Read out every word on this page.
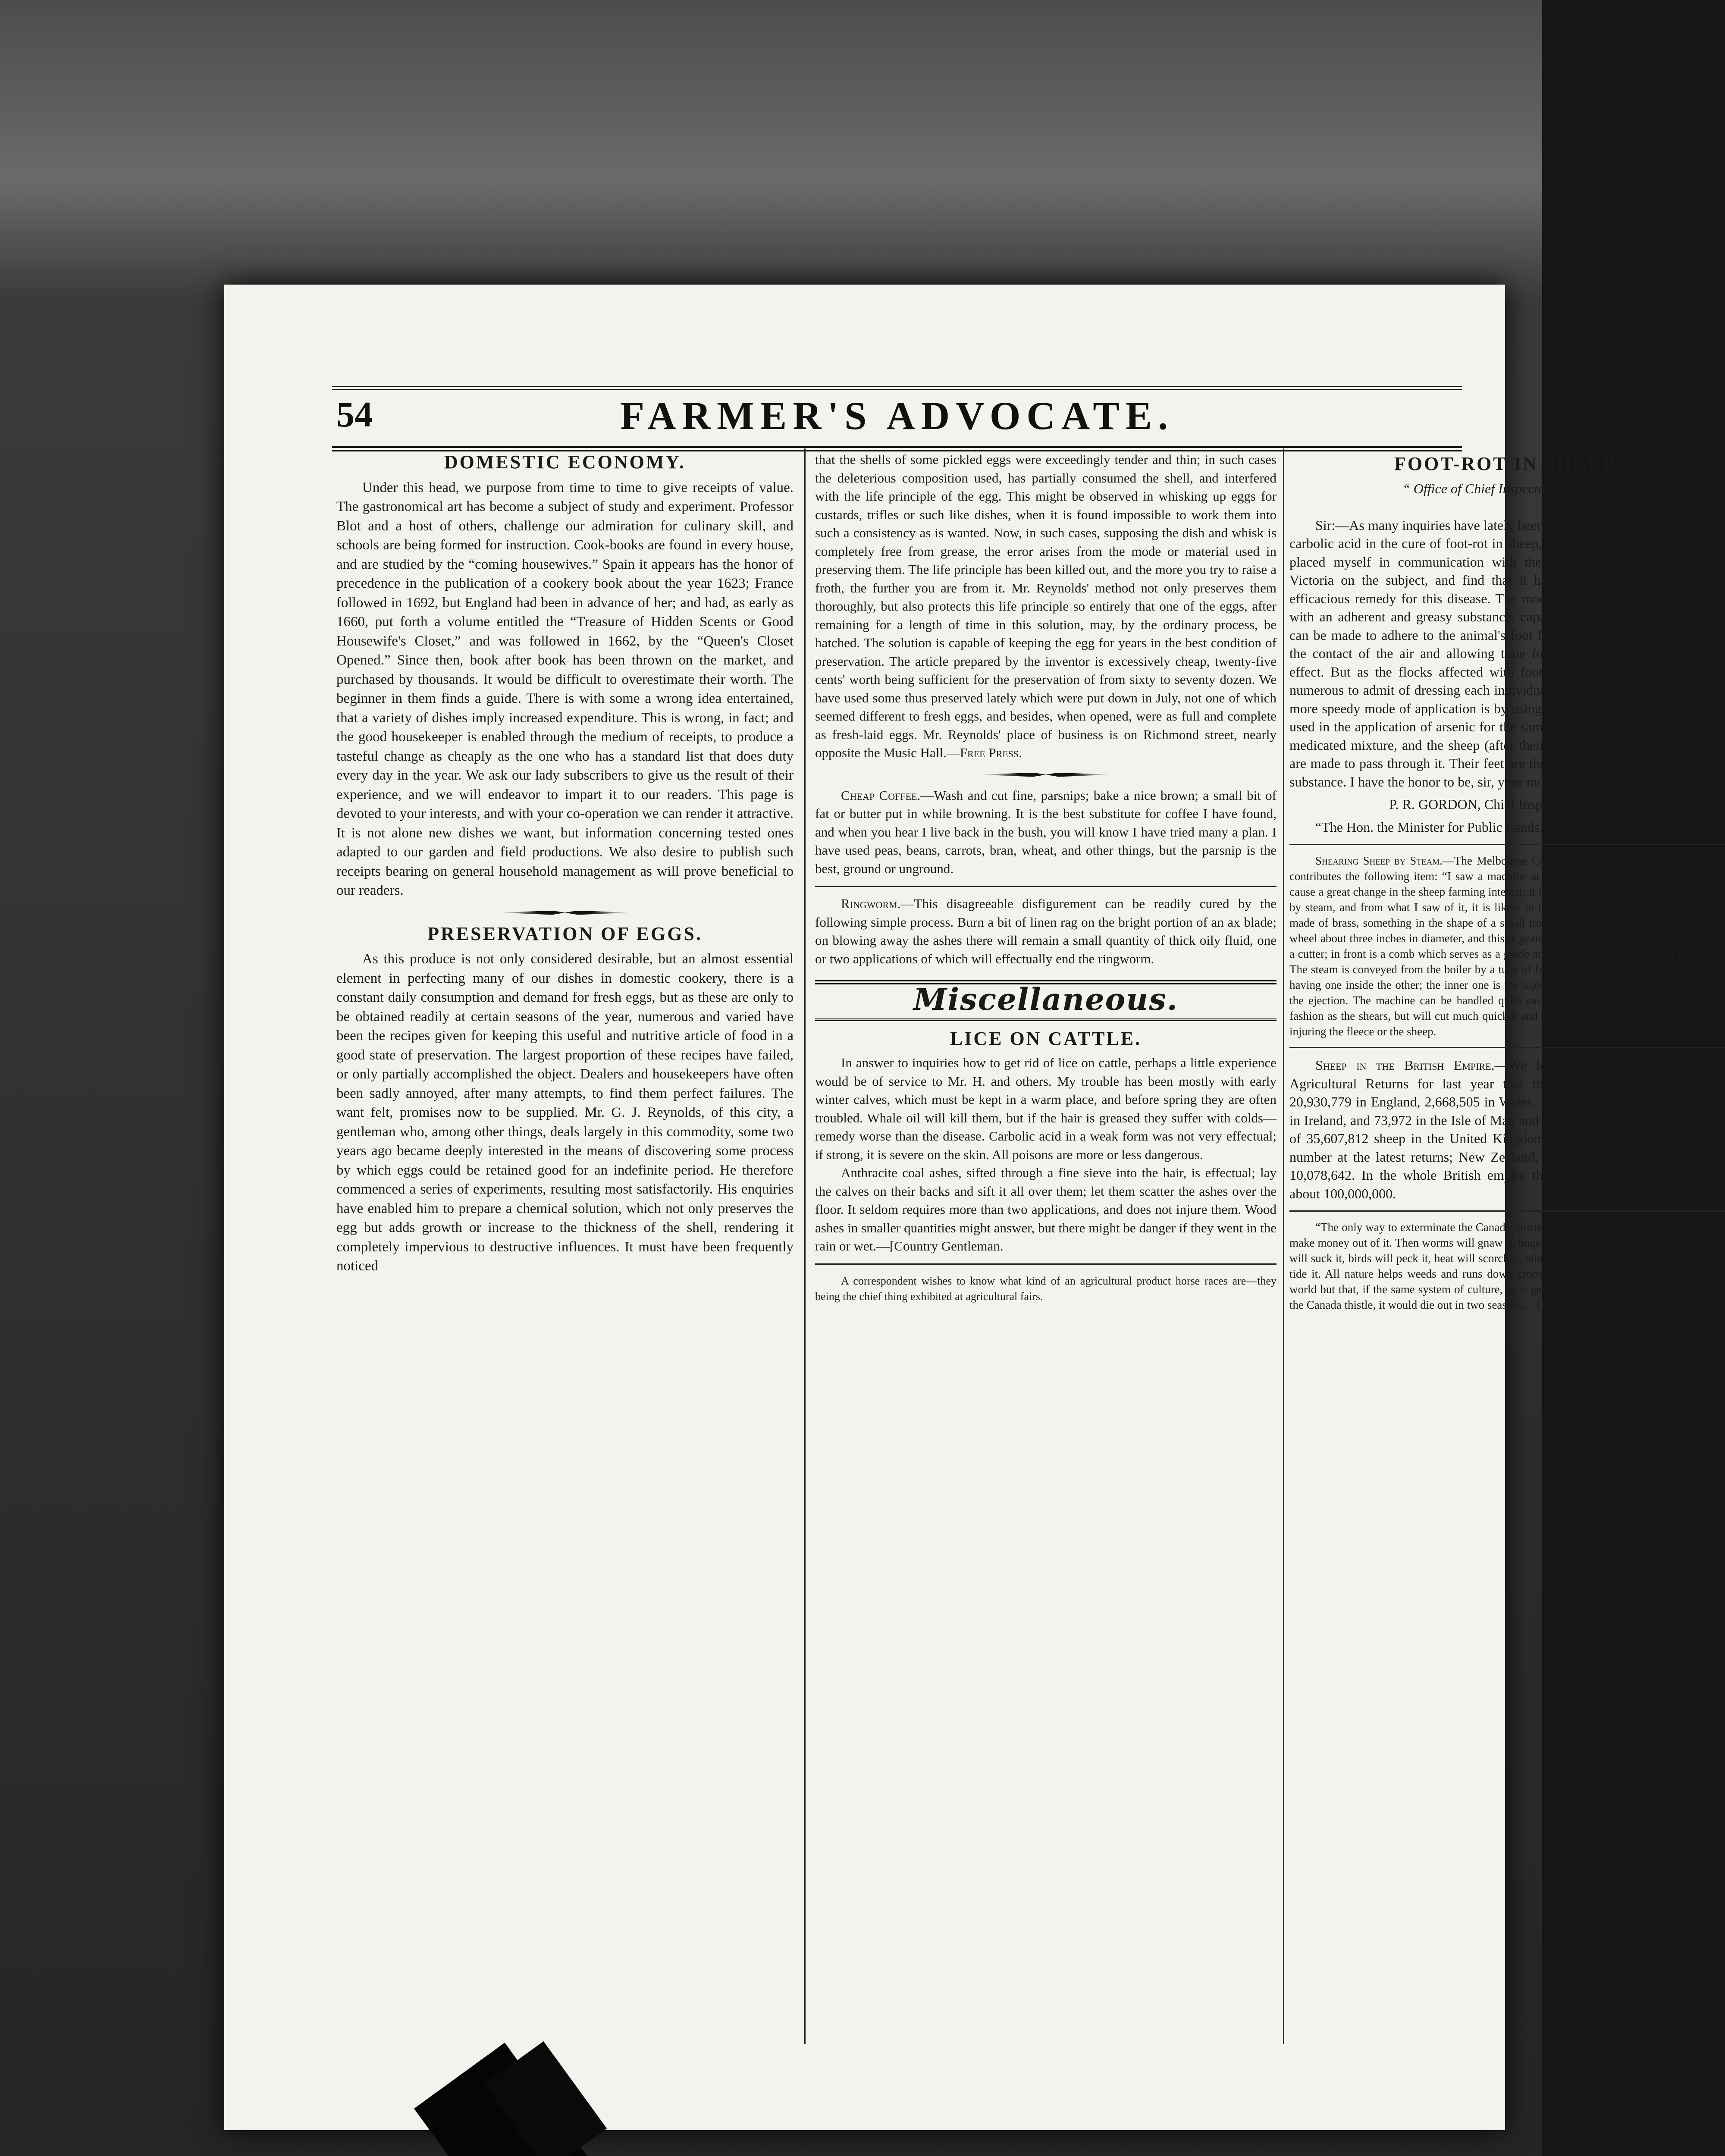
54	FARMER'S ADVOCATE.
DOMESTIC ECONOMY.

Under this head, we purpose from time to time to give receipts of value. The gastronomical art has become a subject of study and experiment. Professor Blot and a host of others, challenge our admiration for culinary skill, and schools are being formed for instruction. Cook-books are found in every house, and are studied by the “coming housewives.” Spain it appears has the honor of precedence in the publication of a cookery book about the year 1623; France followed in 1692, but England had been in advance of her; and had, as early as 1660, put forth a volume entitled the “Treasure of Hidden Scents or Good Housewife's Closet,” and was followed in 1662, by the “Queen's Closet Opened.” Since then, book after book has been thrown on the market, and purchased by thousands. It would be difficult to overestimate their worth. The beginner in them finds a guide. There is with some a wrong idea entertained, that a variety of dishes imply increased expenditure. This is wrong, in fact; and the good housekeeper is enabled through the medium of receipts, to produce a tasteful change as cheaply as the one who has a standard list that does duty every day in the year. We ask our lady subscribers to give us the result of their experience, and we will endeavor to impart it to our readers. This page is devoted to your interests, and with your co-operation we can render it attractive. It is not alone new dishes we want, but information concerning tested ones adapted to our garden and field productions. We also desire to publish such receipts bearing on general household management as will prove beneficial to our readers.

PRESERVATION OF EGGS.

As this produce is not only considered desirable, but an almost essential element in perfecting many of our dishes in domestic cookery, there is a constant daily consumption and demand for fresh eggs, but as these are only to be obtained readily at certain seasons of the year, numerous and varied have been the recipes given for keeping this useful and nutritive article of food in a good state of preservation. The largest proportion of these recipes have failed, or only partially accomplished the object. Dealers and housekeepers have often been sadly annoyed, after many attempts, to find them perfect failures. The want felt, promises now to be supplied. Mr. G. J. Reynolds, of this city, a gentleman who, among other things, deals largely in this commodity, some two years ago became deeply interested in the means of discovering some process by which eggs could be retained good for an indefinite period. He therefore commenced a series of experiments, resulting most satisfactorily. His enquiries have enabled him to prepare a chemical solution, which not only preserves the egg but adds growth or increase to the thickness of the shell, rendering it completely impervious to destructive influences. It must have been frequently noticed

that the shells of some pickled eggs were exceedingly tender and thin; in such cases the deleterious composition used, has partially consumed the shell, and interfered with the life principle of the egg. This might be observed in whisking up eggs for custards, trifles or such like dishes, when it is found impossible to work them into such a consistency as is wanted. Now, in such cases, supposing the dish and whisk is completely free from grease, the error arises from the mode or material used in preserving them. The life principle has been killed out, and the more you try to raise a froth, the further you are from it. Mr. Reynolds' method not only preserves them thoroughly, but also protects this life principle so entirely that one of the eggs, after remaining for a length of time in this solution, may, by the ordinary process, be hatched. The solution is capable of keeping the egg for years in the best condition of preservation. The article prepared by the inventor is excessively cheap, twenty-five cents' worth being sufficient for the preservation of from sixty to seventy dozen. We have used some thus preserved lately which were put down in July, not one of which seemed different to fresh eggs, and besides, when opened, were as full and complete as fresh-laid eggs. Mr. Reynolds' place of business is on Richmond street, nearly opposite the Music Hall.—Free Press.

Cheap Coffee.—Wash and cut fine, parsnips; bake a nice brown; a small bit of fat or butter put in while browning. It is the best substitute for coffee I have found, and when you hear I live back in the bush, you will know I have tried many a plan. I have used peas, beans, carrots, bran, wheat, and other things, but the parsnip is the best, ground or unground.

Ringworm.—This disagreeable disfigurement can be readily cured by the following simple process. Burn a bit of linen rag on the bright portion of an ax blade; on blowing away the ashes there will remain a small quantity of thick oily fluid, one or two applications of which will effectually end the ringworm.

Miscellaneous.
LICE ON CATTLE.

In answer to inquiries how to get rid of lice on cattle, perhaps a little experience would be of service to Mr. H. and others. My trouble has been mostly with early winter calves, which must be kept in a warm place, and before spring they are often troubled. Whale oil will kill them, but if the hair is greased they suffer with colds—remedy worse than the disease. Carbolic acid in a weak form was not very effectual; if strong, it is severe on the skin. All poisons are more or less dangerous.

Anthracite coal ashes, sifted through a fine sieve into the hair, is effectual; lay the calves on their backs and sift it all over them; let them scatter the ashes over the floor. It seldom requires more than two applications, and does not injure them. Wood ashes in smaller quantities might answer, but there might be danger if they went in the rain or wet.—[Country Gentleman.

A correspondent wishes to know what kind of an agricultural product horse races are—they being the chief thing exhibited at agricultural fairs.

FOOT-ROT IN SHEEP.

“ Office of Chief Inspector of Sheep,”

Brisbane, 8th June, 1868.

Sir:—As many inquiries have lately been made of me as to the efficacy of carbolic acid in the cure of foot-rot in sheep, I have the honor to report that I placed myself in communication with the Chief Inspector of Sheep for Victoria on the subject, and find that it had been reported to him as an efficacious remedy for this disease. The mode of applying it is by mixing it with an adherent and greasy substance, capable of forming a plaster, which can be made to adhere to the animal's foot for two or three days, preventing the contact of the air and allowing time for the application to produce its effect. But as the flocks affected with foot-rot are, in most instances, too numerous to admit of dressing each individual sheep separately in this way, a more speedy mode of application is by using a shallow trough, similar to that used in the application of arsenic for the same purpose. This is filled with the medicated mixture, and the sheep (after their feet have been carefully pared) are made to pass through it. Their feet are thus impregnated with the required substance. I have the honor to be, sir, your most obedient servant,

P. R. GORDON, Chief Inspector of Sheep.

“The Hon. the Minister for Public Lands.” —[Brisbane Courier.

Shearing Sheep by Steam.—The Melbourne Correspondent of the Alexander Courier contributes the following item: “I saw a machine at work the other day which is likely to cause a great change in the sheep farming interest; it is no less than a machine to sheer sheep by steam, and from what I saw of it, it is likely to be a complete success. The machine is made of brass, something in the shape of a small trowel; the motion is got up by a turbine wheel about three inches in diameter, and this is geared into another wheel on which is fixed a cutter; in front is a comb which serves as a guide and against cutting the skin of the sheep. The steam is conveyed from the boiler by a tube of India rubber; this tube or pipe is double, having one inside the other; the inner one is the injection and the space between the two is the ejection. The machine can be handled quite easily, and will be used just in the same fashion as the shears, but will cut much quicker and far cleaner, without the least danger of injuring the fleece or the sheep.

Sheep in the British Empire.—We learn from the recently issued Agricultural Returns for last year that the total numbers of sheep are 20,930,779 in England, 2,668,505 in Wales, 7,112,112 in Scotland, 4,822,444 in Ireland, and 73,972 in the Isle of Man and Channel Islands—making a total of 35,607,812 sheep in the United Kingdom. Australia had nearly the same number at the latest returns; New Zealand, 8,418,572; the Cape and Natal, 10,078,642. In the whole British empire the number of sheep is probably about 100,000,000.

“The only way to exterminate the Canada thistle is to plant it for a crop, and propose to make money out of it. Then worms will gnaw it, bugs will bite it, beetles will bore it, aphides will suck it, birds will peck it, heat will scorch it, rains will drown it, mildew and blight will tide it. All nature helps weeds and runs down crops.” We have not the least doubt in the world but that, if the same system of culture, as is generally given on fruit crops, was given the Canada thistle, it would die out in two seasons.—[Ext.
